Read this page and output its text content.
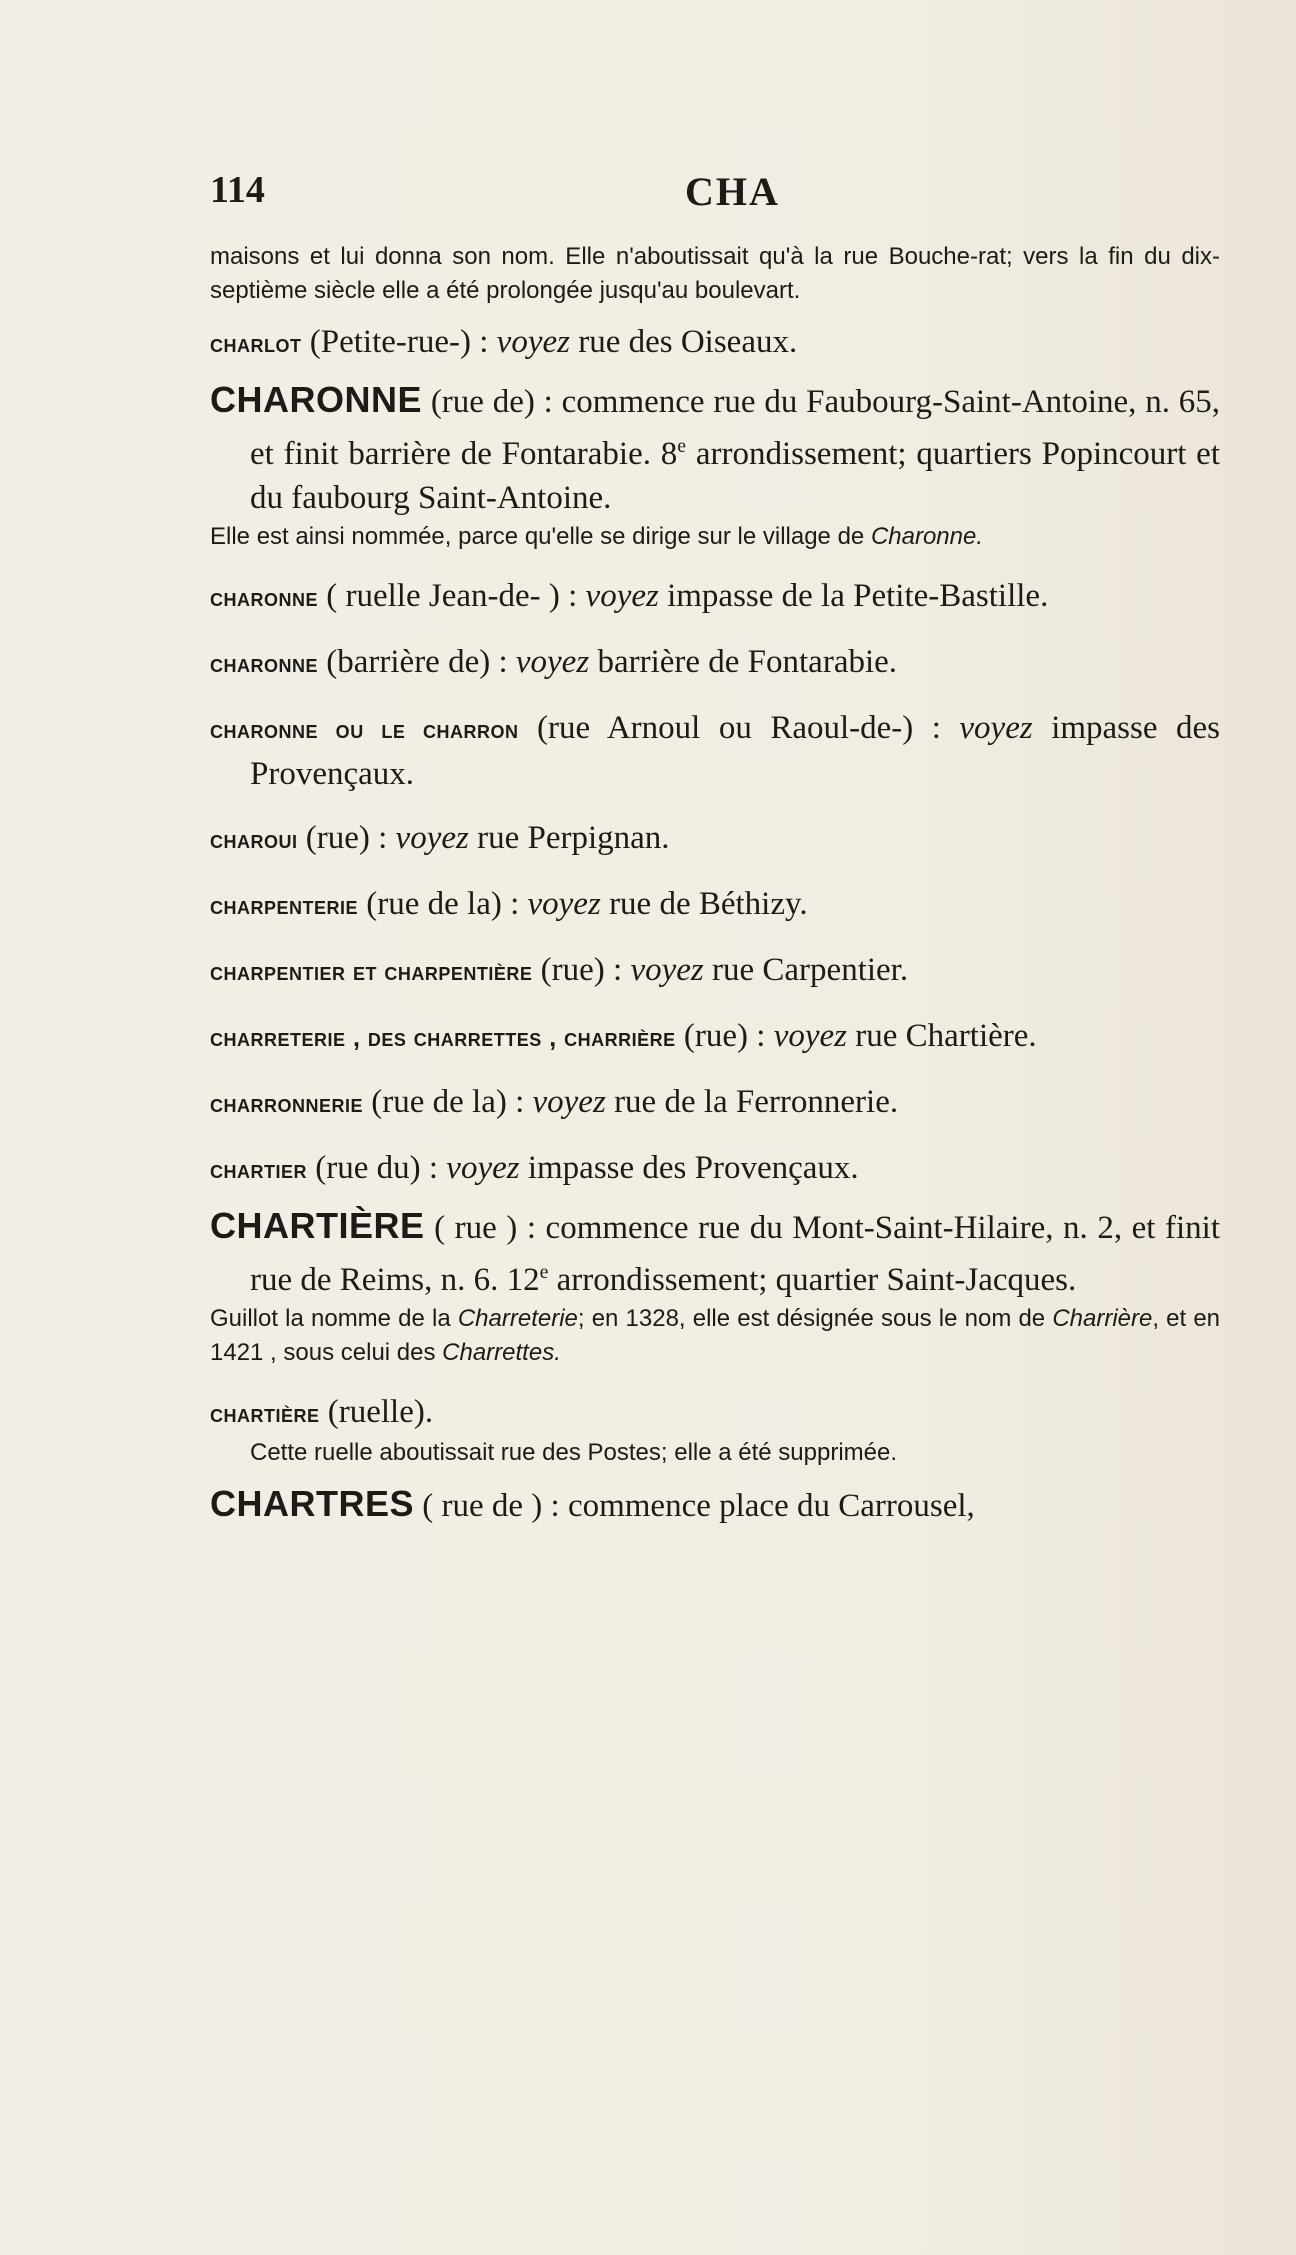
114	CHA

maisons et lui donna son nom. Elle n'aboutissait qu'à la rue Bouche-rat; vers la fin du dix-septième siècle elle a été prolongée jusqu'au boulevart.

charlot (Petite-rue-) : voyez rue des Oiseaux.

CHARONNE (rue de) : commence rue du Faubourg-Saint-Antoine, n. 65, et finit barrière de Fontarabie. 8e arrondissement; quartiers Popincourt et du faubourg Saint-Antoine.

Elle est ainsi nommée, parce qu'elle se dirige sur le village de Charonne.

charonne ( ruelle Jean-de- ) : voyez impasse de la Petite-Bastille.

charonne (barrière de) : voyez barrière de Fontarabie.

charonne ou le charron (rue Arnoul ou Raoul-de-) : voyez impasse des Provençaux.

charoui (rue) : voyez rue Perpignan.

charpenterie (rue de la) : voyez rue de Béthizy.

charpentier et charpentière (rue) : voyez rue Carpentier.

charreterie , des charrettes , charrière (rue) : voyez rue Chartière.

charronnerie (rue de la) : voyez rue de la Ferronnerie.

chartier (rue du) : voyez impasse des Provençaux.

CHARTIÈRE ( rue ) : commence rue du Mont-Saint-Hilaire, n. 2, et finit rue de Reims, n. 6. 12e arrondissement; quartier Saint-Jacques.

Guillot la nomme de la Charreterie; en 1328, elle est désignée sous le nom de Charrière, et en 1421 , sous celui des Charrettes.

chartière (ruelle).

Cette ruelle aboutissait rue des Postes; elle a été supprimée.

CHARTRES ( rue de ) : commence place du Carrousel,
